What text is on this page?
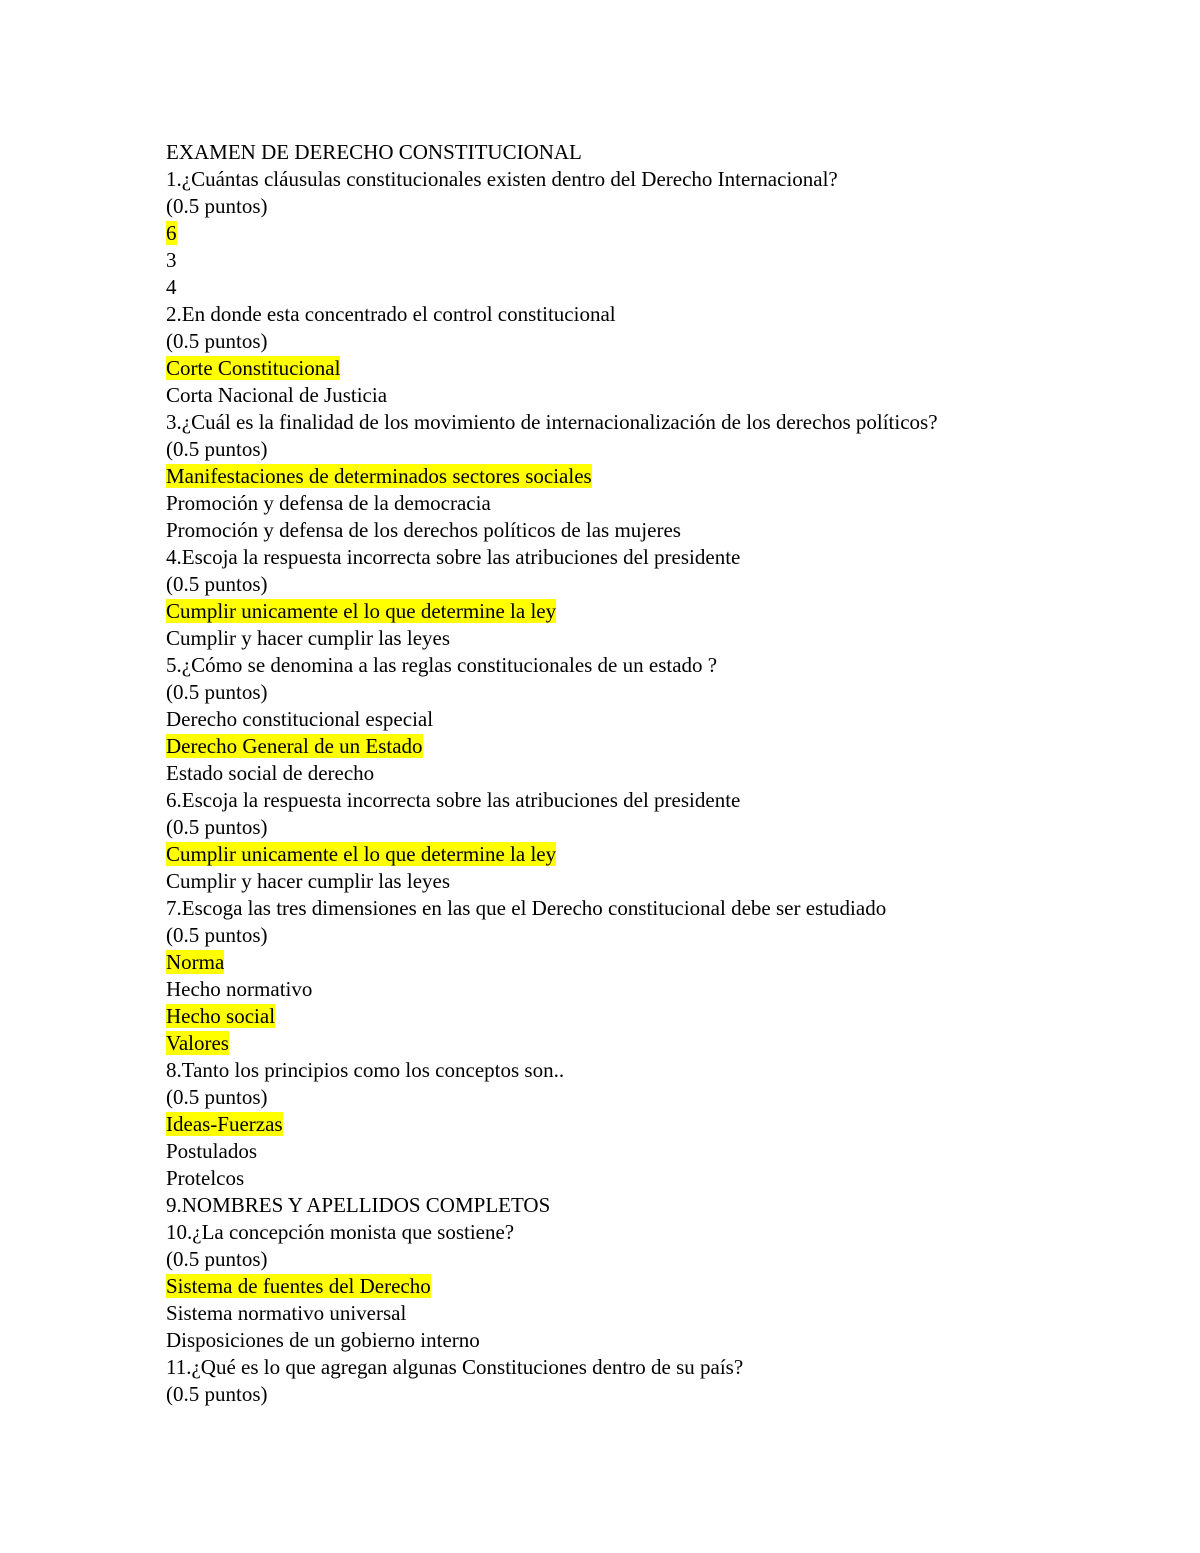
EXAMEN DE DERECHO CONSTITUCIONAL
1.¿Cuántas cláusulas constitucionales existen dentro del Derecho Internacional?
(0.5 puntos)
6
3
4
2.En donde esta concentrado el control constitucional
(0.5 puntos)
Corte Constitucional
Corta Nacional de Justicia
3.¿Cuál es la finalidad de los movimiento de internacionalización de los derechos políticos?
(0.5 puntos)
Manifestaciones de determinados sectores sociales
Promoción y defensa de la democracia
Promoción y defensa de los derechos políticos de las mujeres
4.Escoja la respuesta incorrecta sobre las atribuciones del presidente
(0.5 puntos)
Cumplir unicamente el lo que determine la ley
Cumplir y hacer cumplir las leyes
5.¿Cómo se denomina a las reglas constitucionales de un estado ?
(0.5 puntos)
Derecho constitucional especial
Derecho General de un Estado
Estado social de derecho
6.Escoja la respuesta incorrecta sobre las atribuciones del presidente
(0.5 puntos)
Cumplir unicamente el lo que determine la ley
Cumplir y hacer cumplir las leyes
7.Escoga las tres dimensiones en las que el Derecho constitucional debe ser estudiado
(0.5 puntos)
Norma
Hecho normativo
Hecho social
Valores
8.Tanto los principios como los conceptos son..
(0.5 puntos)
Ideas-Fuerzas
Postulados
Protelcos
9.NOMBRES Y APELLIDOS COMPLETOS
10.¿La concepción monista que sostiene?
(0.5 puntos)
Sistema de fuentes del Derecho
Sistema normativo universal
Disposiciones de un gobierno interno
11.¿Qué es lo que agregan algunas Constituciones dentro de su país?
(0.5 puntos)
